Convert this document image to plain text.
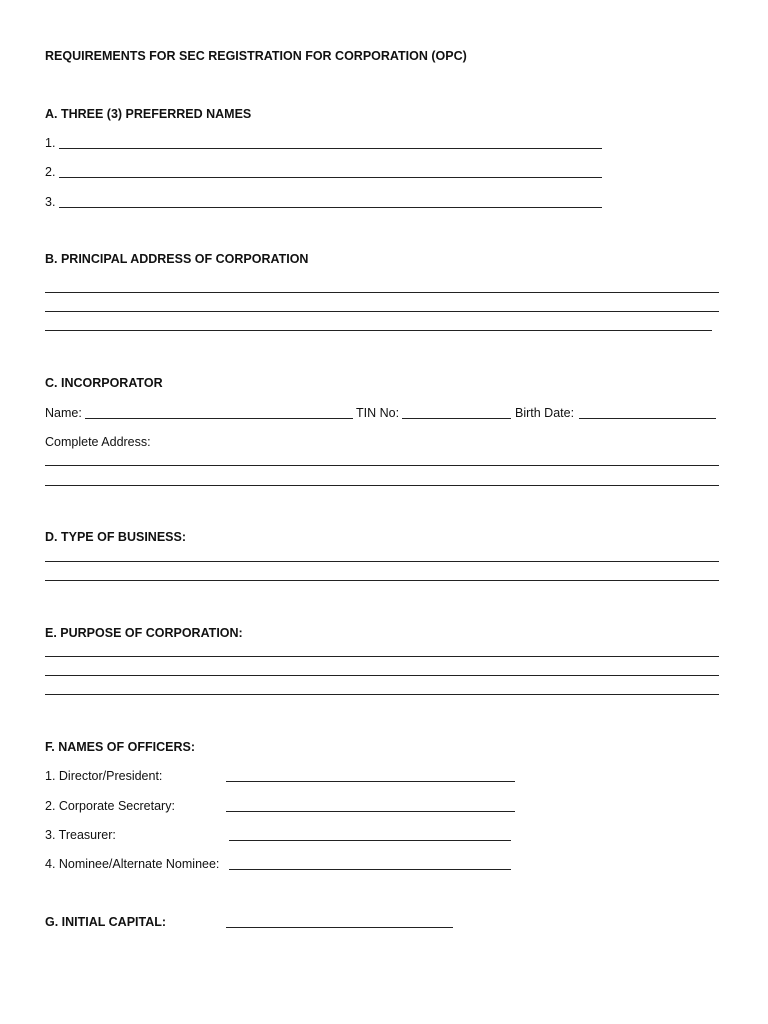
REQUIREMENTS FOR SEC REGISTRATION FOR CORPORATION (OPC)
A. THREE (3) PREFERRED NAMES
1.
2.
3.
B. PRINCIPAL ADDRESS OF CORPORATION
C. INCORPORATOR
Name:	TIN No:	Birth Date:
Complete Address:
D. TYPE OF BUSINESS:
E. PURPOSE OF CORPORATION:
F. NAMES OF OFFICERS:
1. Director/President:
2. Corporate Secretary:
3. Treasurer:
4. Nominee/Alternate Nominee:
G. INITIAL CAPITAL:
